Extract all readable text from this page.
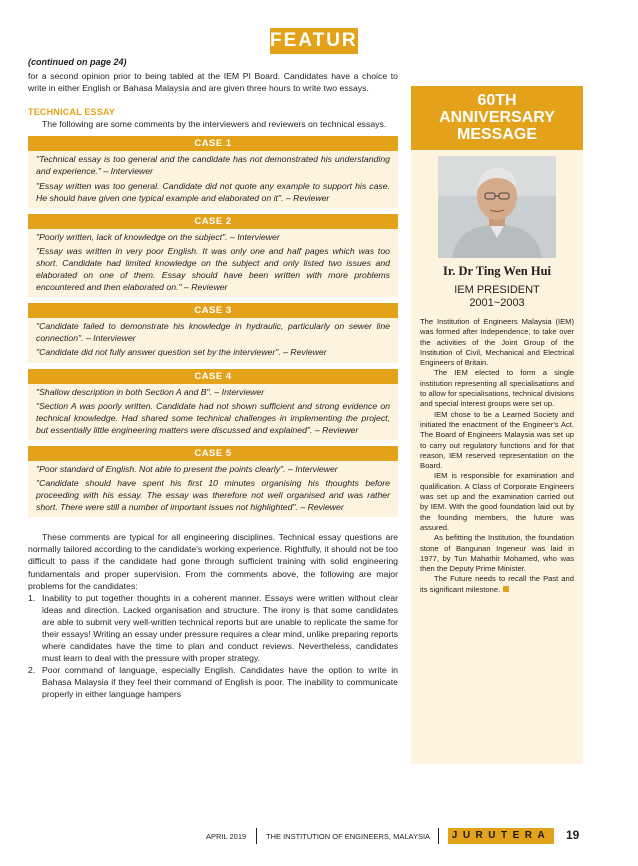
FEATURE
(continued on page 24)

for a second opinion prior to being tabled at the IEM PI Board. Candidates have a choice to write in either English or Bahasa Malaysia and are given three hours to write two essays.

TECHNICAL ESSAY

The following are some comments by the interviewers and reviewers on technical essays.

CASE 1
"Technical essay is too general and the candidate has not demonstrated his understanding and experience." – Interviewer
"Essay written was too general. Candidate did not quote any example to support his case. He should have given one typical example and elaborated on it". – Reviewer
CASE 2
"Poorly written, lack of knowledge on the subject". – Interviewer
"Essay was written in very poor English. It was only one and half pages which was too short. Candidate had limited knowledge on the subject and only listed two issues and elaborated on one of them. Essay should have been written with more problems encountered and then elaborated on." – Reviewer
CASE 3
"Candidate failed to demonstrate his knowledge in hydraulic, particularly on sewer line connection". – Interviewer
"Candidate did not fully answer question set by the interviewer". – Reviewer
CASE 4
"Shallow description in both Section A and B". – Interviewer
"Section A was poorly written. Candidate had not shown sufficient and strong evidence on technical knowledge. Had shared some technical challenges in implementing the project, but essentially little engineering matters were discussed and explained". – Reviewer
CASE 5
"Poor standard of English. Not able to present the points clearly". – Interviewer
"Candidate should have spent his first 10 minutes organising his thoughts before proceeding with his essay. The essay was therefore not well organised and was rather short. There were still a number of important issues not highlighted". – Reviewer

These comments are typical for all engineering disciplines. Technical essay questions are normally tailored according to the candidate's working experience. Rightfully, it should not be too difficult to pass if the candidate had gone through sufficient training with solid engineering fundamentals and proper supervision. From the comments above, the following are major problems for the candidates:

1. Inability to put together thoughts in a coherent manner. Essays were written without clear ideas and direction. Lacked organisation and structure. The irony is that some candidates are able to submit very well-written technical reports but are unable to replicate the same for their essays! Writing an essay under pressure requires a clear mind, unlike preparing reports where candidates have the time to plan and conduct reviews. Nevertheless, candidates must learn to deal with the pressure with proper strategy.
2. Poor command of language, especially English. Candidates have the option to write in Bahasa Malaysia if they feel their command of English is poor. The inability to communicate properly in either language hampers
60TH
ANNIVERSARY
MESSAGE
Ir. Dr Ting Wen Hui
IEM PRESIDENT
2001~2003

The Institution of Engineers Malaysia (IEM) was formed after Independence, to take over the activities of the Joint Group of the Institution of Civil, Mechanical and Electrical Engineers of Britain.

The IEM elected to form a single institution representing all specialisations and to allow for specialisations, technical divisions and special interest groups were set up.

IEM chose to be a Learned Society and initiated the enactment of the Engineer's Act. The Board of Engineers Malaysia was set up to carry out regulatory functions and for that reason, IEM reserved representation on the Board.

IEM is responsible for examination and qualification. A Class of Corporate Engineers was set up and the examination carried out by IEM. With the good foundation laid out by the founding members, the future was assured.

As befitting the Institution, the foundation stone of Bangunan Ingeneur was laid in 1977, by Tun Mahathir Mohamed, who was then the Deputy Prime Minister.

The Future needs to recall the Past and its significant milestone.

APRIL 2019	THE INSTITUTION OF ENGINEERS, MALAYSIA	JURUTERA	19
